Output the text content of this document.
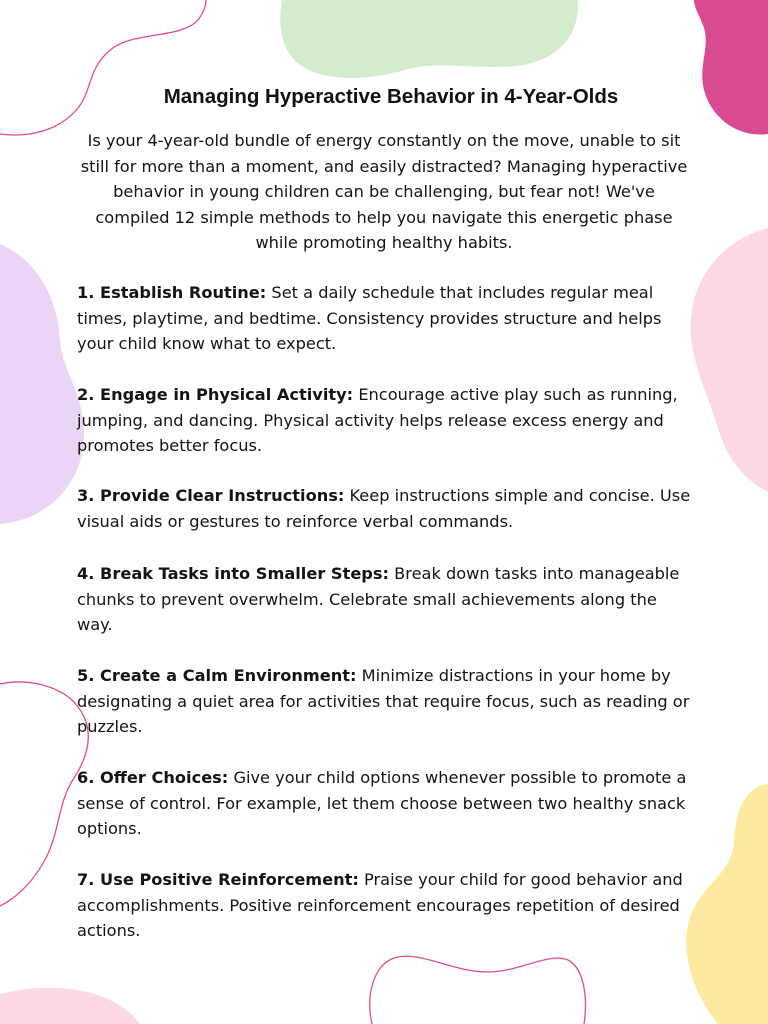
Managing Hyperactive Behavior in 4-Year-Olds

Is your 4-year-old bundle of energy constantly on the move, unable to sit still for more than a moment, and easily distracted? Managing hyperactive behavior in young children can be challenging, but fear not! We've compiled 12 simple methods to help you navigate this energetic phase while promoting healthy habits.

1. Establish Routine: Set a daily schedule that includes regular meal times, playtime, and bedtime. Consistency provides structure and helps your child know what to expect.

2. Engage in Physical Activity: Encourage active play such as running, jumping, and dancing. Physical activity helps release excess energy and promotes better focus.

3. Provide Clear Instructions: Keep instructions simple and concise. Use visual aids or gestures to reinforce verbal commands.

4. Break Tasks into Smaller Steps: Break down tasks into manageable chunks to prevent overwhelm. Celebrate small achievements along the way.

5. Create a Calm Environment: Minimize distractions in your home by designating a quiet area for activities that require focus, such as reading or puzzles.

6. Offer Choices: Give your child options whenever possible to promote a sense of control. For example, let them choose between two healthy snack options.

7. Use Positive Reinforcement: Praise your child for good behavior and accomplishments. Positive reinforcement encourages repetition of desired actions.
